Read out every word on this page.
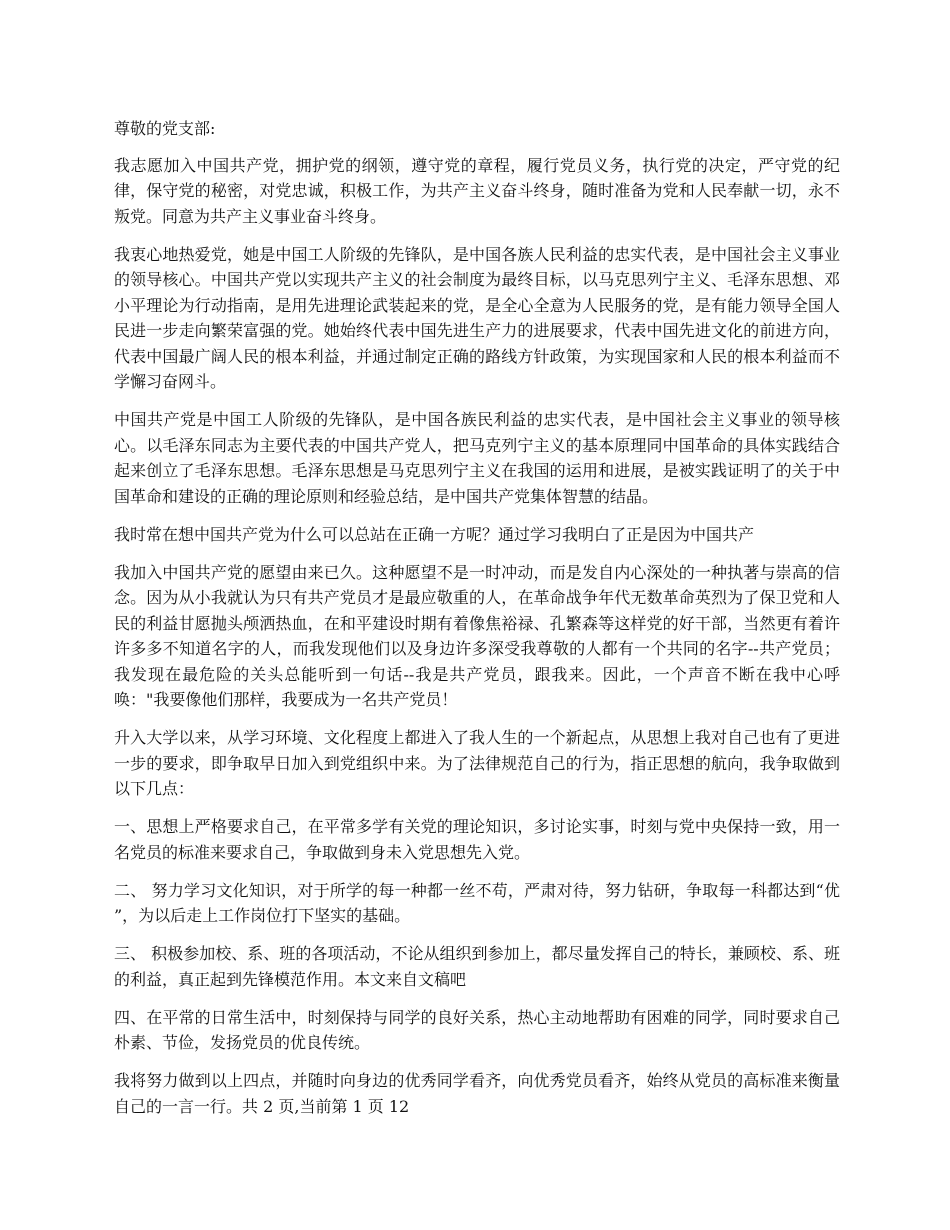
尊敬的党支部:

我志愿加入中国共产党，拥护党的纲领，遵守党的章程，履行党员义务，执行党的决定，严守党的纪律，保守党的秘密，对党忠诚，积极工作，为共产主义奋斗终身，随时准备为党和人民奉献一切，永不叛党。同意为共产主义事业奋斗终身。

我衷心地热爱党，她是中国工人阶级的先锋队，是中国各族人民利益的忠实代表，是中国社会主义事业的领导核心。中国共产党以实现共产主义的社会制度为最终目标，以马克思列宁主义、毛泽东思想、邓小平理论为行动指南，是用先进理论武装起来的党，是全心全意为人民服务的党，是有能力领导全国人民进一步走向繁荣富强的党。她始终代表中国先进生产力的进展要求，代表中国先进文化的前进方向，代表中国最广阔人民的根本利益，并通过制定正确的路线方针政策，为实现国家和人民的根本利益而不学懈习奋网斗。

中国共产党是中国工人阶级的先锋队，是中国各族民利益的忠实代表，是中国社会主义事业的领导核心。以毛泽东同志为主要代表的中国共产党人，把马克列宁主义的基本原理同中国革命的具体实践结合起来创立了毛泽东思想。毛泽东思想是马克思列宁主义在我国的运用和进展，是被实践证明了的关于中国革命和建设的正确的理论原则和经验总结，是中国共产党集体智慧的结晶。

我时常在想中国共产党为什么可以总站在正确一方呢？通过学习我明白了正是因为中国共产

我加入中国共产党的愿望由来已久。这种愿望不是一时冲动，而是发自内心深处的一种执著与崇高的信念。因为从小我就认为只有共产党员才是最应敬重的人，在革命战争年代无数革命英烈为了保卫党和人民的利益甘愿抛头颅洒热血，在和平建设时期有着像焦裕禄、孔繁森等这样党的好干部，当然更有着许许多多不知道名字的人，而我发现他们以及身边许多深受我尊敬的人都有一个共同的名字--共产党员；我发现在最危险的关头总能听到一句话--我是共产党员，跟我来。因此，一个声音不断在我中心呼唤："我要像他们那样，我要成为一名共产党员！

升入大学以来，从学习环境、文化程度上都进入了我人生的一个新起点，从思想上我对自己也有了更进一步的要求，即争取早日加入到党组织中来。为了法律规范自己的行为，指正思想的航向，我争取做到以下几点：

一、思想上严格要求自己，在平常多学有关党的理论知识，多讨论实事，时刻与党中央保持一致，用一名党员的标准来要求自己，争取做到身未入党思想先入党。

二、 努力学习文化知识，对于所学的每一种都一丝不苟，严肃对待，努力钻研，争取每一科都达到“优 ”，为以后走上工作岗位打下坚实的基础。

三、 积极参加校、系、班的各项活动，不论从组织到参加上，都尽量发挥自己的特长，兼顾校、系、班的利益，真正起到先锋模范作用。本文来自文稿吧

四、在平常的日常生活中，时刻保持与同学的良好关系，热心主动地帮助有困难的同学，同时要求自己朴素、节俭，发扬党员的优良传统。

我将努力做到以上四点，并随时向身边的优秀同学看齐，向优秀党员看齐，始终从党员的高标准来衡量自己的一言一行。共 2 页,当前第 1 页 12
